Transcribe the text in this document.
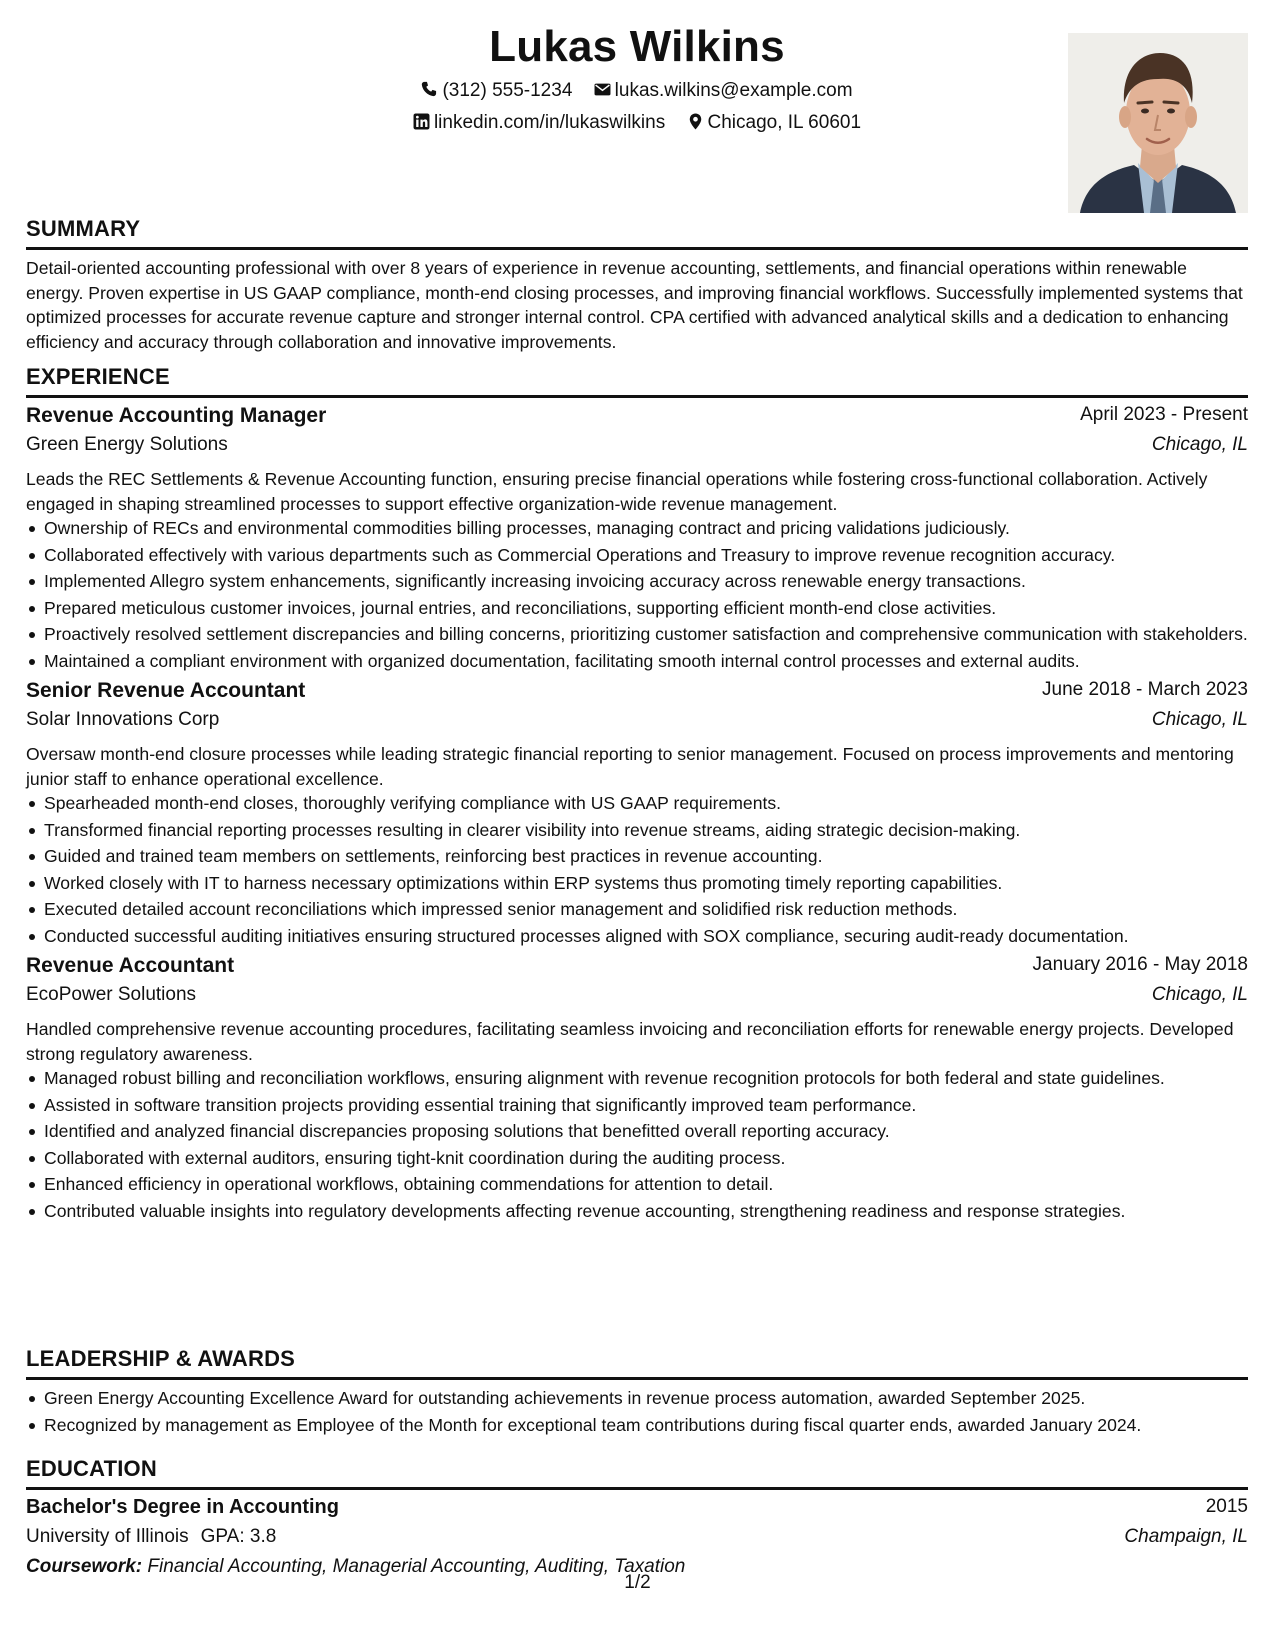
Lukas Wilkins
(312) 555-1234 lukas.wilkins@example.com
linkedin.com/in/lukaswilkins Chicago, IL 60601
SUMMARY
Detail-oriented accounting professional with over 8 years of experience in revenue accounting, settlements, and financial operations within renewable energy. Proven expertise in US GAAP compliance, month-end closing processes, and improving financial workflows. Successfully implemented systems that optimized processes for accurate revenue capture and stronger internal control. CPA certified with advanced analytical skills and a dedication to enhancing efficiency and accuracy through collaboration and innovative improvements.
EXPERIENCE
Revenue Accounting Manager	April 2023 - Present
Green Energy Solutions	Chicago, IL
Leads the REC Settlements & Revenue Accounting function, ensuring precise financial operations while fostering cross-functional collaboration. Actively engaged in shaping streamlined processes to support effective organization-wide revenue management.
Ownership of RECs and environmental commodities billing processes, managing contract and pricing validations judiciously.
Collaborated effectively with various departments such as Commercial Operations and Treasury to improve revenue recognition accuracy.
Implemented Allegro system enhancements, significantly increasing invoicing accuracy across renewable energy transactions.
Prepared meticulous customer invoices, journal entries, and reconciliations, supporting efficient month-end close activities.
Proactively resolved settlement discrepancies and billing concerns, prioritizing customer satisfaction and comprehensive communication with stakeholders.
Maintained a compliant environment with organized documentation, facilitating smooth internal control processes and external audits.
Senior Revenue Accountant	June 2018 - March 2023
Solar Innovations Corp	Chicago, IL
Oversaw month-end closure processes while leading strategic financial reporting to senior management. Focused on process improvements and mentoring junior staff to enhance operational excellence.
Spearheaded month-end closes, thoroughly verifying compliance with US GAAP requirements.
Transformed financial reporting processes resulting in clearer visibility into revenue streams, aiding strategic decision-making.
Guided and trained team members on settlements, reinforcing best practices in revenue accounting.
Worked closely with IT to harness necessary optimizations within ERP systems thus promoting timely reporting capabilities.
Executed detailed account reconciliations which impressed senior management and solidified risk reduction methods.
Conducted successful auditing initiatives ensuring structured processes aligned with SOX compliance, securing audit-ready documentation.
Revenue Accountant	January 2016 - May 2018
EcoPower Solutions	Chicago, IL
Handled comprehensive revenue accounting procedures, facilitating seamless invoicing and reconciliation efforts for renewable energy projects. Developed strong regulatory awareness.
Managed robust billing and reconciliation workflows, ensuring alignment with revenue recognition protocols for both federal and state guidelines.
Assisted in software transition projects providing essential training that significantly improved team performance.
Identified and analyzed financial discrepancies proposing solutions that benefitted overall reporting accuracy.
Collaborated with external auditors, ensuring tight-knit coordination during the auditing process.
Enhanced efficiency in operational workflows, obtaining commendations for attention to detail.
Contributed valuable insights into regulatory developments affecting revenue accounting, strengthening readiness and response strategies.
LEADERSHIP & AWARDS
Green Energy Accounting Excellence Award for outstanding achievements in revenue process automation, awarded September 2025.
Recognized by management as Employee of the Month for exceptional team contributions during fiscal quarter ends, awarded January 2024.
EDUCATION
Bachelor's Degree in Accounting	2015
University of Illinois GPA: 3.8	Champaign, IL
Coursework: Financial Accounting, Managerial Accounting, Auditing, Taxation
1/2
